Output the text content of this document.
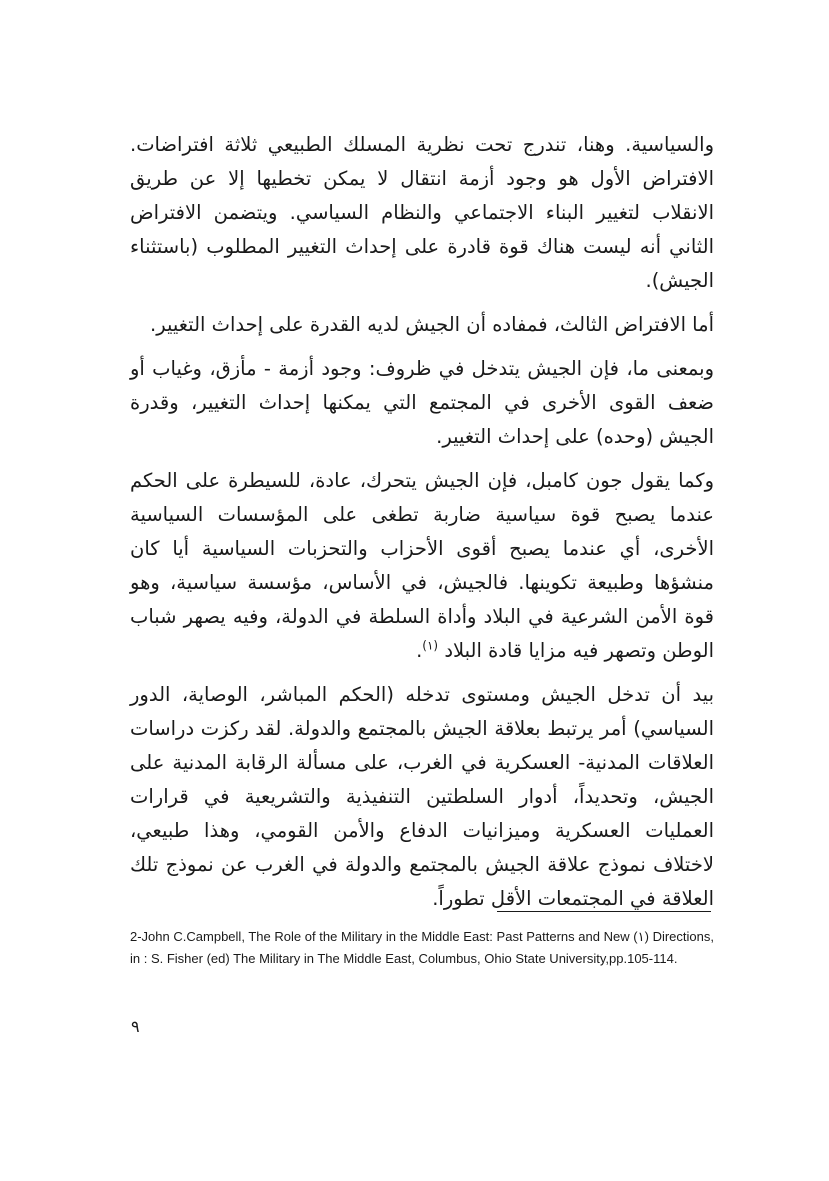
والسياسية. وهنا، تندرج تحت نظرية المسلك الطبيعي ثلاثة افتراضات. الافتراض الأول هو وجود أزمة انتقال لا يمكن تخطيها إلا عن طريق الانقلاب لتغيير البناء الاجتماعي والنظام السياسي. ويتضمن الافتراض الثاني أنه ليست هناك قوة قادرة على إحداث التغيير المطلوب (باستثناء الجيش).

أما الافتراض الثالث، فمفاده أن الجيش لديه القدرة على إحداث التغيير.

وبمعنى ما، فإن الجيش يتدخل في ظروف: وجود أزمة - مأزق، وغياب أو ضعف القوى الأخرى في المجتمع التي يمكنها إحداث التغيير، وقدرة الجيش (وحده) على إحداث التغيير.

وكما يقول جون كامبل، فإن الجيش يتحرك، عادة، للسيطرة على الحكم عندما يصبح قوة سياسية ضاربة تطغى على المؤسسات السياسية الأخرى، أي عندما يصبح أقوى الأحزاب والتحزبات السياسية أيا كان منشؤها وطبيعة تكوينها. فالجيش، في الأساس، مؤسسة سياسية، وهو قوة الأمن الشرعية في البلاد وأداة السلطة في الدولة، وفيه يصهر شباب الوطن وتصهر فيه مزايا قادة البلاد $^{(١)}$.

بيد أن تدخل الجيش ومستوى تدخله (الحكم المباشر، الوصاية، الدور السياسي) أمر يرتبط بعلاقة الجيش بالمجتمع والدولة. لقد ركزت دراسات العلاقات المدنية- العسكرية في الغرب، على مسألة الرقابة المدنية على الجيش، وتحديداً، أدوار السلطتين التنفيذية والتشريعية في قرارات العمليات العسكرية وميزانيات الدفاع والأمن القومي، وهذا طبيعي، لاختلاف نموذج علاقة الجيش بالمجتمع والدولة في الغرب عن نموذج تلك العلاقة في المجتمعات الأقل تطوراً.

2-John C.Campbell, The Role of the Military in the Middle East: Past Patterns and New (١) Directions, in : S. Fisher (ed) The Military in The Middle East, Columbus, Ohio State University,pp.105-114.
٩
